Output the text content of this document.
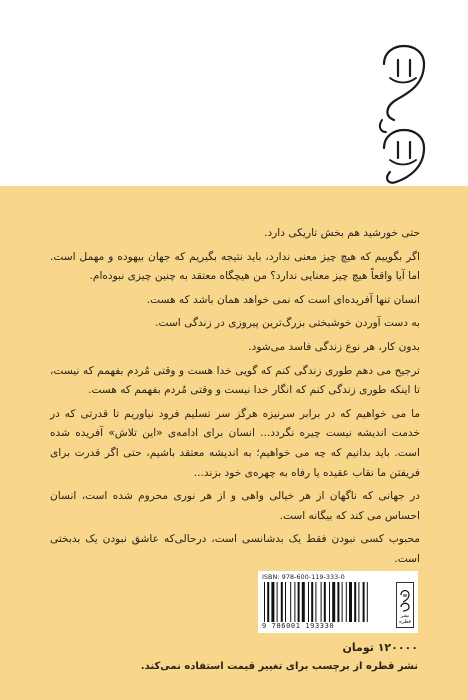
حتی خورشید هم بخش تاریکی دارد.

اگر بگوییم که هیچ چیز معنی ندارد، باید نتیجه بگیریم که جهان بیهوده و مهمل است. اما آیا واقعاً هیچ چیز معنایی ندارد؟ من هیچگاه معتقد به چنین چیزی نبوده‌ام.

انسان تنها آفریده‌ای است که نمی خواهد همان باشد که هست.

به دست آوردن خوشبختی بزرگ‌ترین پیروزی در زندگی است.

بدون کار، هر نوع زندگی فاسد می‌شود.

ترجیح می دهم طوری زندگی کنم که گویی خدا هست و وقتی مُردم بفهمم که نیست، تا اینکه طوری زندگی کنم که انگار خدا نیست و وقتی مُردم بفهمم که هست.

ما می خواهیم که در برابر سرنیزه هرگز سر تسلیم فرود نیاوریم تا قدرتی که در خدمت اندیشه نیست چیره نگردد... انسان برای ادامه‌ی «این تلاش» آفریده شده است. باید بدانیم که چه می خواهیم؛ به اندیشه معتقد باشیم، حتی اگر قدرت برای فریفتن ما نقاب عقیده یا رفاه به چهره‌ی خود بزند...

در جهانی که ناگهان از هر خیالی واهی و از هر نوری محروم شده است، انسان احساس می کند که بیگانه است.

محبوب کسی نبودن فقط یک بدشانسی است، درحالی‌که عاشق نبودن یک بدبختی است.

ISBN: 978-600-119-333-0
9 786001 193330
نشر قطره
۱۲۰۰۰۰ تومان
نشر قطره از برچسب برای تغییر قیمت استفاده نمی‌کند.
